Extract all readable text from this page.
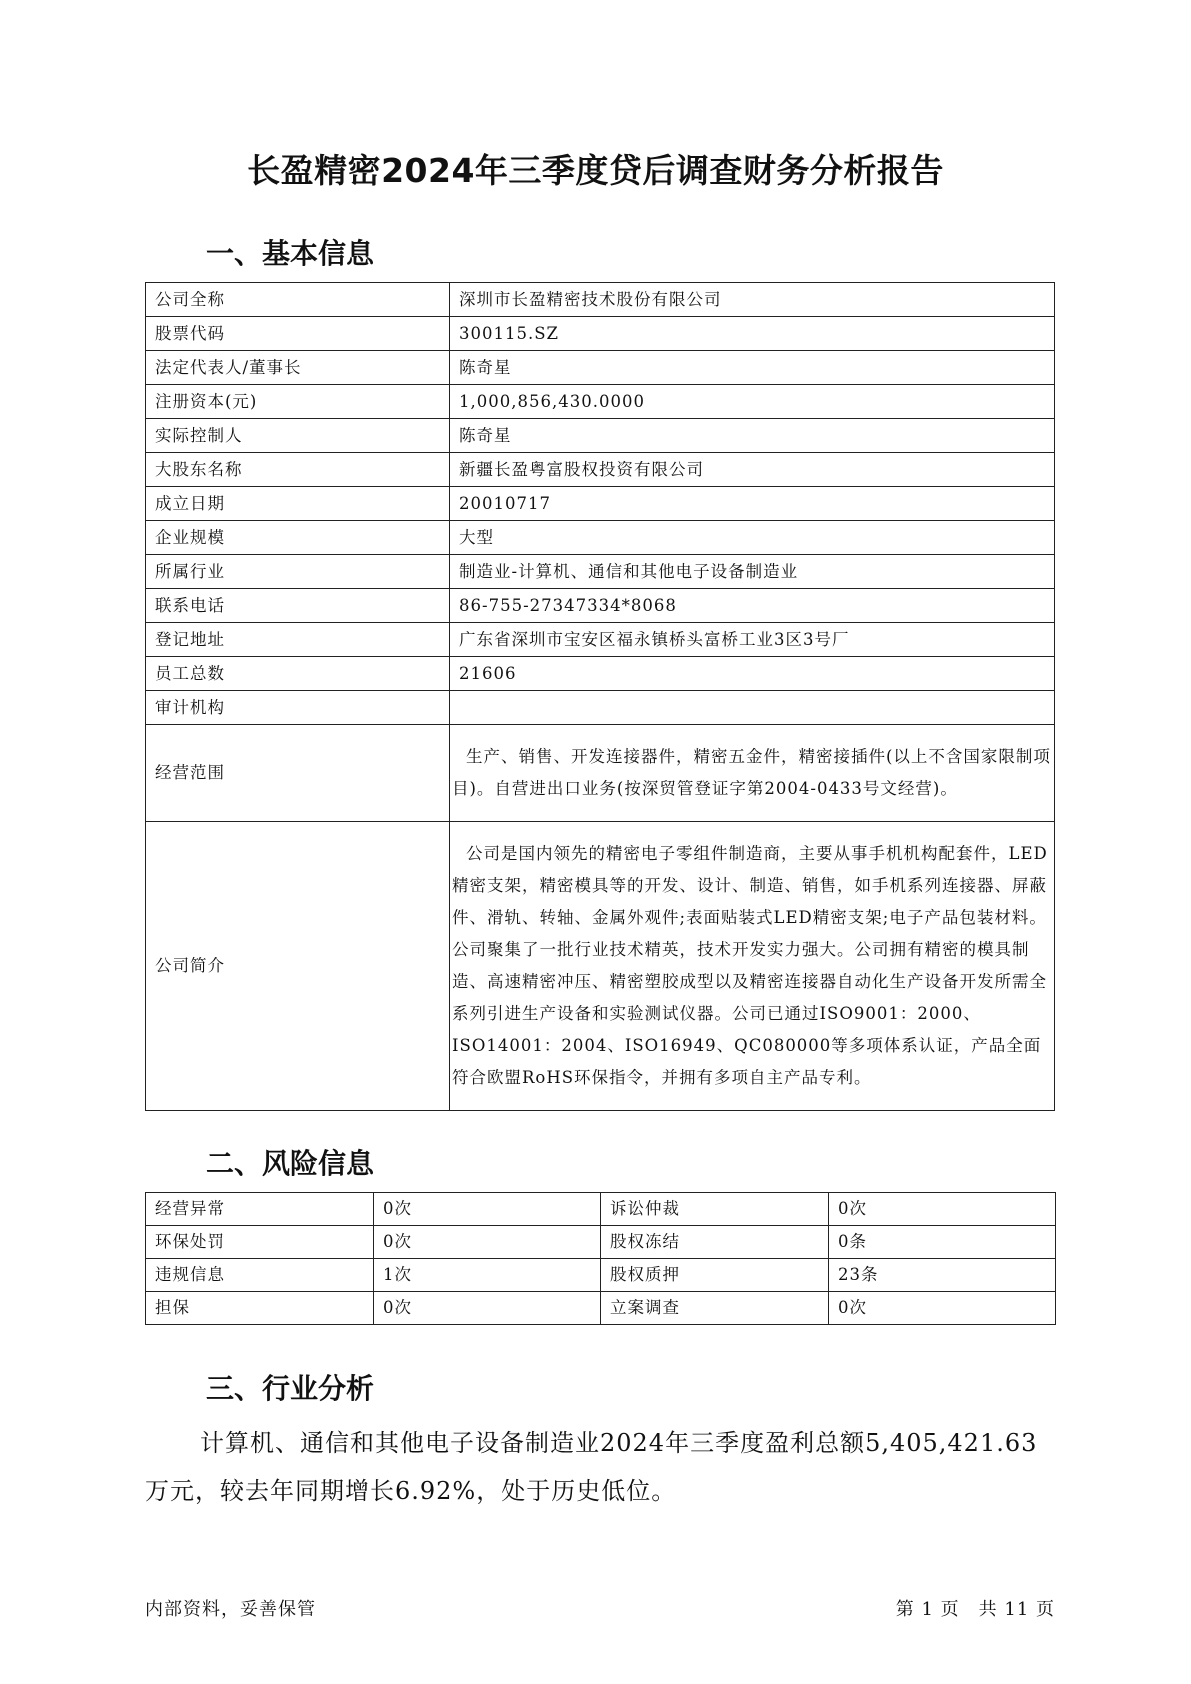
长盈精密2024年三季度贷后调查财务分析报告
一、基本信息
公司全称	深圳市长盈精密技术股份有限公司
股票代码	300115.SZ
法定代表人/董事长	陈奇星
注册资本(元)	1,000,856,430.0000
实际控制人	陈奇星
大股东名称	新疆长盈粤富股权投资有限公司
成立日期	20010717
企业规模	大型
所属行业	制造业-计算机、通信和其他电子设备制造业
联系电话	86-755-27347334*8068
登记地址	广东省深圳市宝安区福永镇桥头富桥工业3区3号厂
员工总数	21606
审计机构	
经营范围	生产、销售、开发连接器件，精密五金件，精密接插件(以上不含国家限制项目)。自营进出口业务(按深贸管登证字第2004-0433号文经营)。
公司简介	公司是国内领先的精密电子零组件制造商，主要从事手机机构配套件，LED精密支架，精密模具等的开发、设计、制造、销售，如手机系列连接器、屏蔽件、滑轨、转轴、金属外观件;表面贴装式LED精密支架;电子产品包装材料。公司聚集了一批行业技术精英，技术开发实力强大。公司拥有精密的模具制造、高速精密冲压、精密塑胶成型以及精密连接器自动化生产设备开发所需全系列引进生产设备和实验测试仪器。公司已通过ISO9001：2000、ISO14001：2004、ISO16949、QC080000等多项体系认证，产品全面符合欧盟RoHS环保指令，并拥有多项自主产品专利。
二、风险信息
经营异常	0次	诉讼仲裁	0次
环保处罚	0次	股权冻结	0条
违规信息	1次	股权质押	23条
担保	0次	立案调查	0次
三、行业分析

计算机、通信和其他电子设备制造业2024年三季度盈利总额5,405,421.63万元，较去年同期增长6.92%，处于历史低位。

内部资料，妥善保管	第 1 页　共 11 页
